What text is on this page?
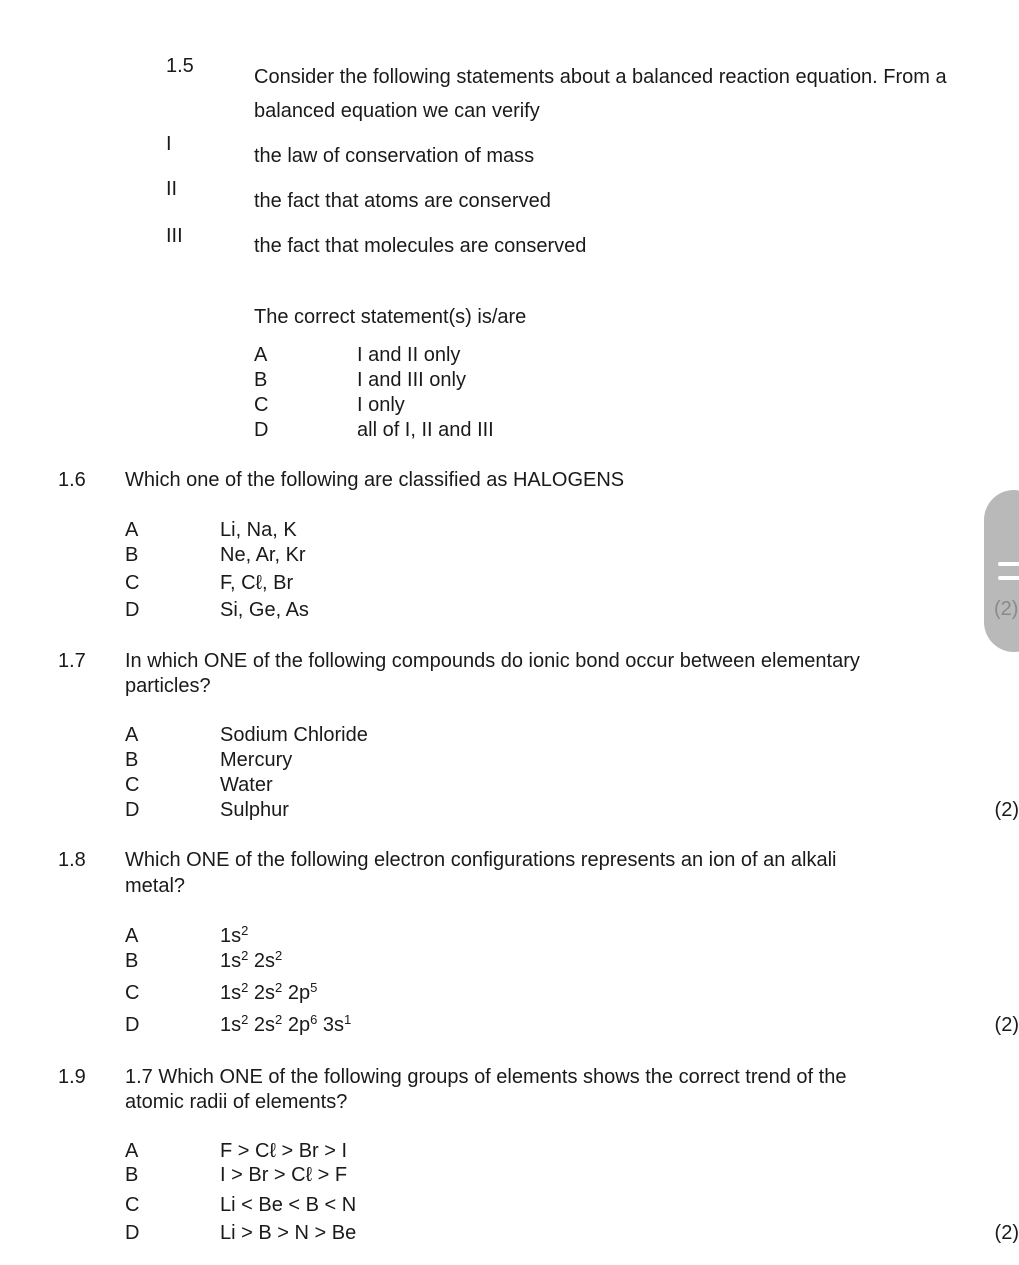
1.5	Consider the following statements about a balanced reaction equation. From a
balanced equation we can verify
I
the law of conservation of mass
II
the fact that atoms are conserved
III	the fact that molecules are conserved
The correct statement(s) is/are
A	I and II only
B	I and III only
C	I only
D	all of I, II and III
1.6 Which one of the following are classified as HALOGENS
A	Li, Na, K
B	Ne, Ar, Kr
C	F, Cℓ, Br
D	Si, Ge, As	(2)
1.7 In which ONE of the following compounds do ionic bond occur between elementary
particles?
A	Sodium Chloride
B	Mercury
C	Water
D	Sulphur	(2)
1.8 Which ONE of the following electron configurations represents an ion of an alkali
metal?
A	$1s^2$
B	$1s^2$ $2s^2$
C	$1s^2$ $2s^2$ $2p^5$
D	$1s^2$ $2s^2$ $2p^6$ $3s^1$	(2)
1.9 1.7 Which ONE of the following groups of elements shows the correct trend of the
atomic radii of elements?
A	F > Cℓ > Br > I
B	I > Br > Cℓ > F
C	Li < Be < B < N
D	Li > B > N > Be	(2)
